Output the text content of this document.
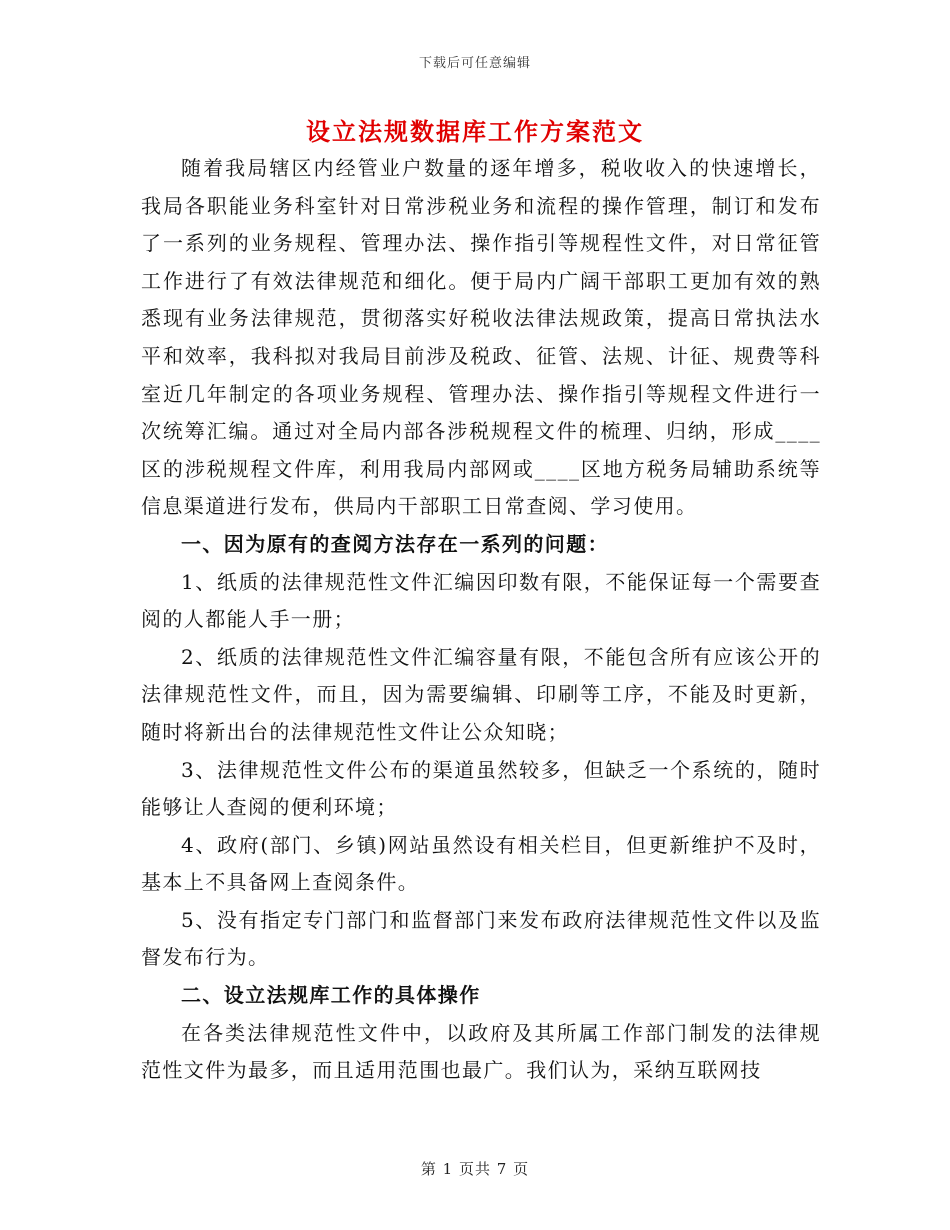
下载后可任意编辑
设立法规数据库工作方案范文

随着我局辖区内经管业户数量的逐年增多，税收收入的快速增长，我局各职能业务科室针对日常涉税业务和流程的操作管理，制订和发布了一系列的业务规程、管理办法、操作指引等规程性文件，对日常征管工作进行了有效法律规范和细化。便于局内广阔干部职工更加有效的熟悉现有业务法律规范，贯彻落实好税收法律法规政策，提高日常执法水平和效率，我科拟对我局目前涉及税政、征管、法规、计征、规费等科室近几年制定的各项业务规程、管理办法、操作指引等规程文件进行一次统筹汇编。通过对全局内部各涉税规程文件的梳理、归纳，形成____区的涉税规程文件库，利用我局内部网或____区地方税务局辅助系统等信息渠道进行发布，供局内干部职工日常查阅、学习使用。

一、因为原有的查阅方法存在一系列的问题：

1、纸质的法律规范性文件汇编因印数有限，不能保证每一个需要查阅的人都能人手一册；

2、纸质的法律规范性文件汇编容量有限，不能包含所有应该公开的法律规范性文件，而且，因为需要编辑、印刷等工序，不能及时更新，随时将新出台的法律规范性文件让公众知晓；

3、法律规范性文件公布的渠道虽然较多，但缺乏一个系统的，随时能够让人查阅的便利环境；

4、政府(部门、乡镇)网站虽然设有相关栏目，但更新维护不及时，基本上不具备网上查阅条件。

5、没有指定专门部门和监督部门来发布政府法律规范性文件以及监督发布行为。

二、设立法规库工作的具体操作

在各类法律规范性文件中，以政府及其所属工作部门制发的法律规范性文件为最多，而且适用范围也最广。我们认为，采纳互联网技

第 1 页共 7 页
